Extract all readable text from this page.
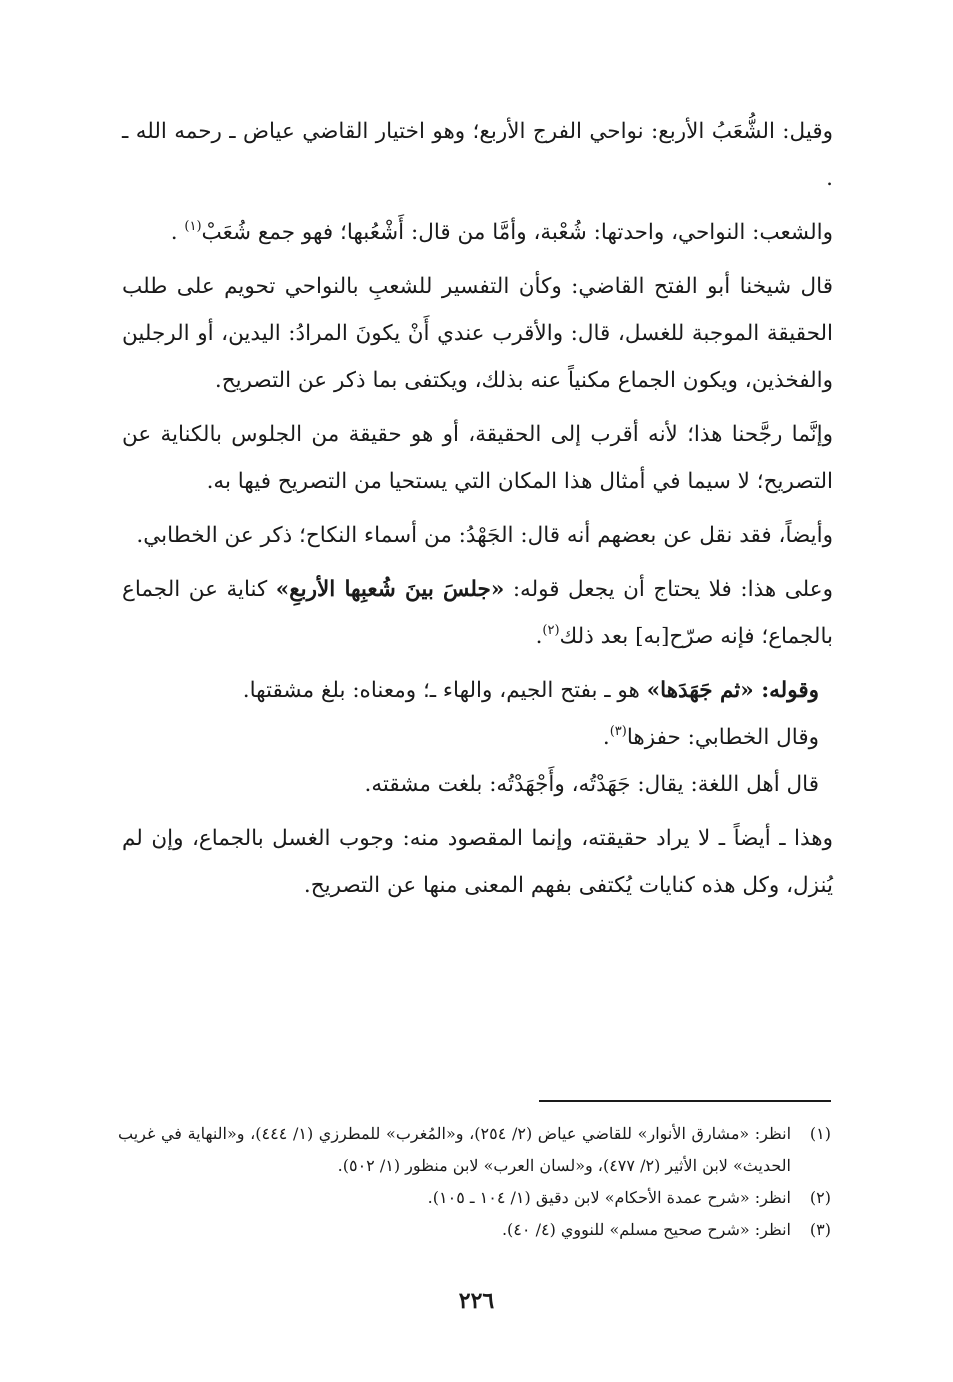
وقيل: الشُّعَبُ الأربع: نواحي الفرج الأربع؛ وهو اختيار القاضي عياض ـ رحمه الله ـ .

والشعب: النواحي، واحدتها: شُعْبة، وأمَّا من قال: أَشْعُبها؛ فهو جمع شُعَبْ$^{(١)}$ .

قال شيخنا أبو الفتح القاضي: وكأن التفسير للشعبِ بالنواحي تحويم على طلب الحقيقة الموجبة للغسل، قال: والأقرب عندي أَنْ يكونَ المرادُ: اليدين، أو الرجلين والفخذين، ويكون الجماع مكنياً عنه بذلك، ويكتفى بما ذكر عن التصريح.

وإنَّما رجَّحنا هذا؛ لأنه أقرب إلى الحقيقة، أو هو حقيقة من الجلوس بالكناية عن التصريح؛ لا سيما في أمثال هذا المكان التي يستحيا من التصريح فيها به.

وأيضاً، فقد نقل عن بعضهم أنه قال: الجَهْدُ: من أسماء النكاح؛ ذكر عن الخطابي.

وعلى هذا: فلا يحتاج أن يجعل قوله: «جلسَ بينَ شُعبِها الأربعِ» كناية عن الجماع بالجماع؛ فإنه صرّح[به] بعد ذلك$^{(٢)}$.

وقوله: «ثم جَهَدَها» هو ـ بفتح الجيم، والهاء ـ؛ ومعناه: بلغ مشقتها.

وقال الخطابي: حفزها$^{(٣)}$.

قال أهل اللغة: يقال: جَهَدْتُه، وأَجْهَدْتُه: بلغت مشقته.

وهذا ـ أيضاً ـ لا يراد حقيقته، وإنما المقصود منه: وجوب الغسل بالجماع، وإن لم يُنزل، وكل هذه كنايات يُكتفى بفهم المعنى منها عن التصريح.

(١)
انظر: «مشارق الأنوار» للقاضي عياض (٢/ ٢٥٤)، و«المُغرب» للمطرزي (١/ ٤٤٤)، و«النهاية في غريب الحديث» لابن الأثير (٢/ ٤٧٧)، و«لسان العرب» لابن منظور (١/ ٥٠٢).
(٢)
انظر: «شرح عمدة الأحكام» لابن دقيق (١/ ١٠٤ ـ ١٠٥).
(٣)
انظر: «شرح صحيح مسلم» للنووي (٤/ ٤٠).
٢٢٦
